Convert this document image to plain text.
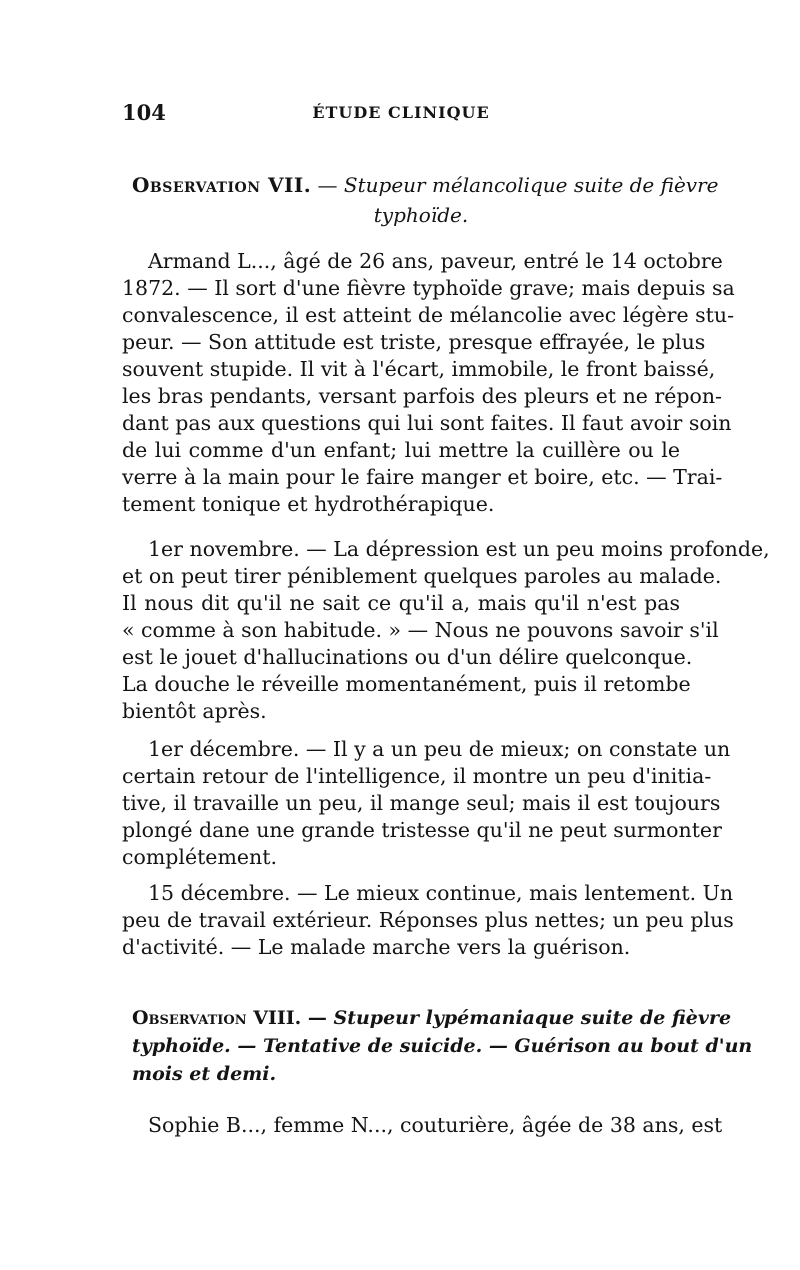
104	ÉTUDE CLINIQUE
Observation VII. — Stupeur mélancolique suite de fièvre
typhoïde.
Armand L..., âgé de 26 ans, paveur, entré le 14 octobre
1872. — Il sort d'une fièvre typhoïde grave; mais depuis sa
convalescence, il est atteint de mélancolie avec légère stu-
peur. — Son attitude est triste, presque effrayée, le plus
souvent stupide. Il vit à l'écart, immobile, le front baissé,
les bras pendants, versant parfois des pleurs et ne répon-
dant pas aux questions qui lui sont faites. Il faut avoir soin
de lui comme d'un enfant; lui mettre la cuillère ou le
verre à la main pour le faire manger et boire, etc. — Trai-
tement tonique et hydrothérapique.
1er novembre. — La dépression est un peu moins profonde,
et on peut tirer péniblement quelques paroles au malade.
Il nous dit qu'il ne sait ce qu'il a, mais qu'il n'est pas
« comme à son habitude. » — Nous ne pouvons savoir s'il
est le jouet d'hallucinations ou d'un délire quelconque.
La douche le réveille momentanément, puis il retombe
bientôt après.
1er décembre. — Il y a un peu de mieux; on constate un
certain retour de l'intelligence, il montre un peu d'initia-
tive, il travaille un peu, il mange seul; mais il est toujours
plongé dane une grande tristesse qu'il ne peut surmonter
complétement.
15 décembre. — Le mieux continue, mais lentement. Un
peu de travail extérieur. Réponses plus nettes; un peu plus
d'activité. — Le malade marche vers la guérison.
Observation VIII. — Stupeur lypémaniaque suite de fièvre
typhoïde. — Tentative de suicide. — Guérison au bout d'un
mois et demi.
Sophie B..., femme N..., couturière, âgée de 38 ans, est
